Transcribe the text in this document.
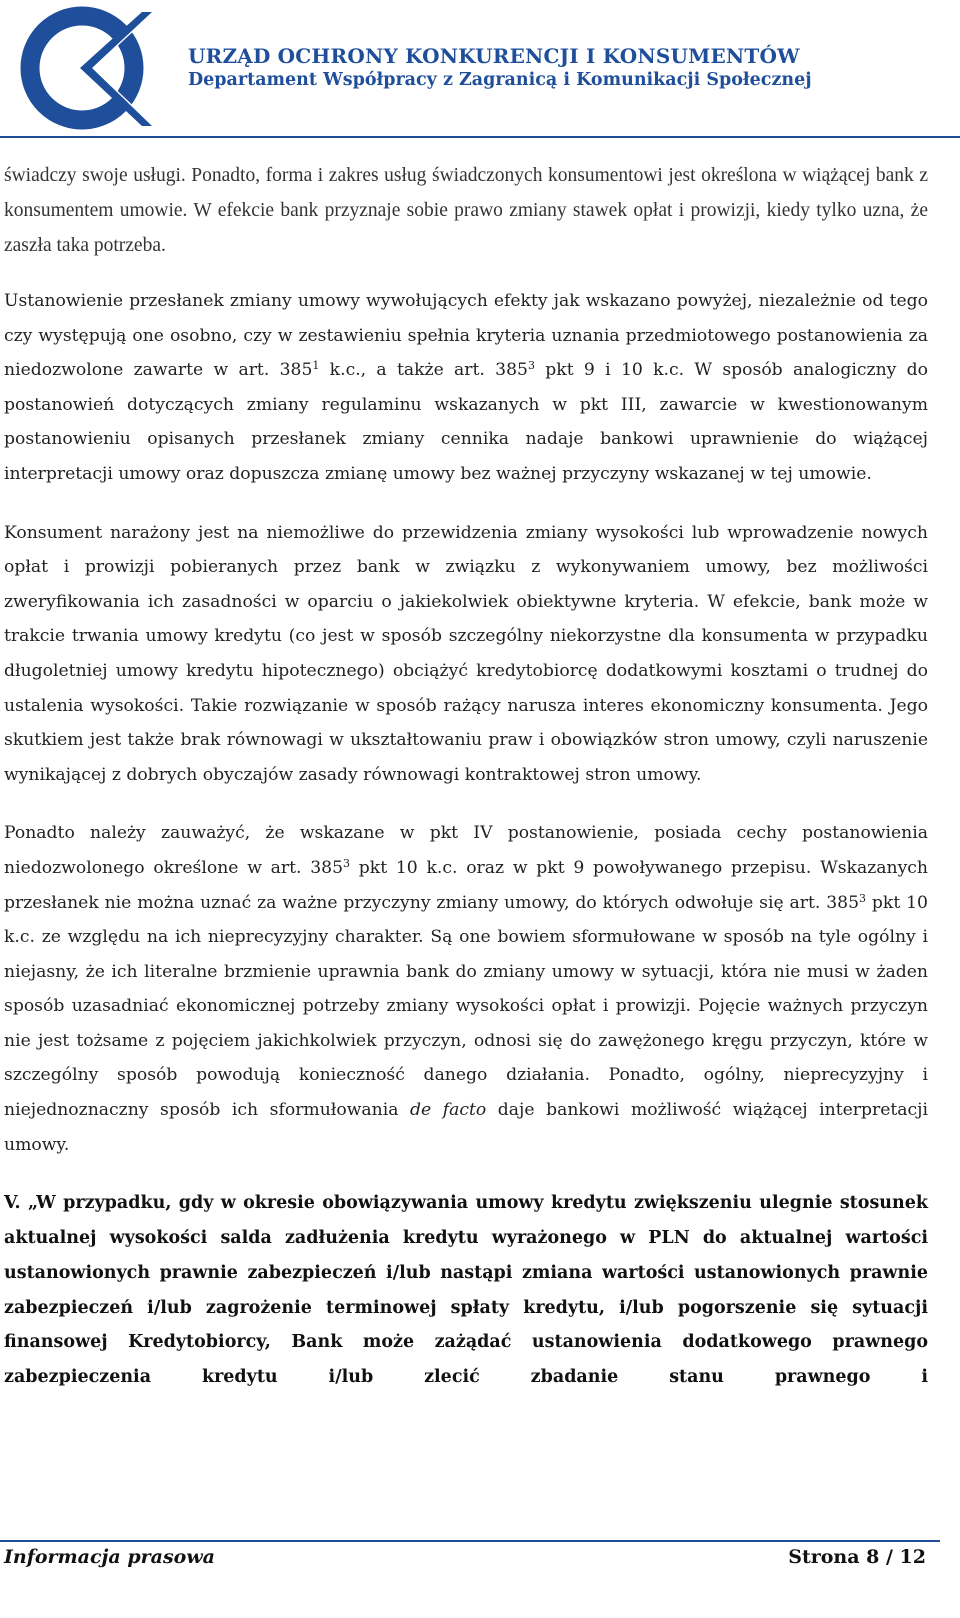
URZĄD OCHRONY KONKURENCJI I KONSUMENTÓW
Departament Współpracy z Zagranicą i Komunikacji Społecznej

świadczy swoje usługi. Ponadto, forma i zakres usług świadczonych konsumentowi jest określona w wiążącej bank z konsumentem umowie. W efekcie bank przyznaje sobie prawo zmiany stawek opłat i prowizji, kiedy tylko uzna, że zaszła taka potrzeba.

Ustanowienie przesłanek zmiany umowy wywołujących efekty jak wskazano powyżej, niezależnie od tego czy występują one osobno, czy w zestawieniu spełnia kryteria uznania przedmiotowego postanowienia za niedozwolone zawarte w art. $385^1$ k.c., a także art. $385^3$ pkt 9 i 10 k.c. W sposób analogiczny do postanowień dotyczących zmiany regulaminu wskazanych w pkt III, zawarcie w kwestionowanym postanowieniu opisanych przesłanek zmiany cennika nadaje bankowi uprawnienie do wiążącej interpretacji umowy oraz dopuszcza zmianę umowy bez ważnej przyczyny wskazanej w tej umowie.

Konsument narażony jest na niemożliwe do przewidzenia zmiany wysokości lub wprowadzenie nowych opłat i prowizji pobieranych przez bank w związku z wykonywaniem umowy, bez możliwości zweryfikowania ich zasadności w oparciu o jakiekolwiek obiektywne kryteria. W efekcie, bank może w trakcie trwania umowy kredytu (co jest w sposób szczególny niekorzystne dla konsumenta w przypadku długoletniej umowy kredytu hipotecznego) obciążyć kredytobiorcę dodatkowymi kosztami o trudnej do ustalenia wysokości. Takie rozwiązanie w sposób rażący narusza interes ekonomiczny konsumenta. Jego skutkiem jest także brak równowagi w ukształtowaniu praw i obowiązków stron umowy, czyli naruszenie wynikającej z dobrych obyczajów zasady równowagi kontraktowej stron umowy.

Ponadto należy zauważyć, że wskazane w pkt IV postanowienie, posiada cechy postanowienia niedozwolonego określone w art. $385^3$ pkt 10 k.c. oraz w pkt 9 powoływanego przepisu. Wskazanych przesłanek nie można uznać za ważne przyczyny zmiany umowy, do których odwołuje się art. $385^3$ pkt 10 k.c. ze względu na ich nieprecyzyjny charakter. Są one bowiem sformułowane w sposób na tyle ogólny i niejasny, że ich literalne brzmienie uprawnia bank do zmiany umowy w sytuacji, która nie musi w żaden sposób uzasadniać ekonomicznej potrzeby zmiany wysokości opłat i prowizji. Pojęcie ważnych przyczyn nie jest tożsame z pojęciem jakichkolwiek przyczyn, odnosi się do zawężonego kręgu przyczyn, które w szczególny sposób powodują konieczność danego działania. Ponadto, ogólny, nieprecyzyjny i niejednoznaczny sposób ich sformułowania de facto daje bankowi możliwość wiążącej interpretacji umowy.

V. „W przypadku, gdy w okresie obowiązywania umowy kredytu zwiększeniu ulegnie stosunek aktualnej wysokości salda zadłużenia kredytu wyrażonego w PLN do aktualnej wartości ustanowionych prawnie zabezpieczeń i/lub nastąpi zmiana wartości ustanowionych prawnie zabezpieczeń i/lub zagrożenie terminowej spłaty kredytu, i/lub pogorszenie się sytuacji finansowej Kredytobiorcy, Bank może zażądać ustanowienia dodatkowego prawnego zabezpieczenia kredytu i/lub zlecić zbadanie stanu prawnego i

Informacja prasowa	Strona 8 / 12
